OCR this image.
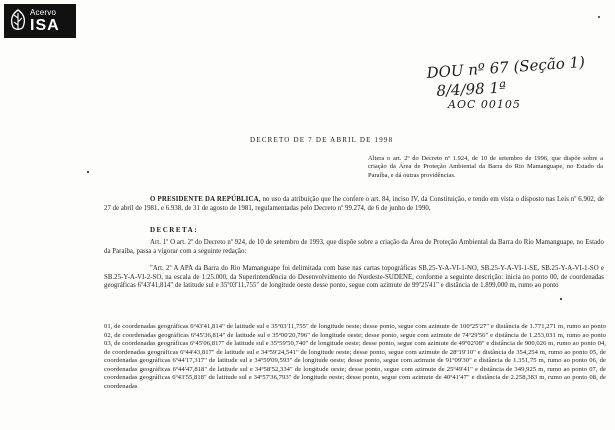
Acervo
ISA
DOU nº 67 (Seção 1)
8/4/98 1ª
AOC 00105
DECRETO DE 7 DE ABRIL DE 1998
Altera o art. 2º do Decreto nº 1.924, de 10 de setembro de 1996, que dispõe sobre a criação da Área de Proteção Ambiental da Barra do Rio Mamanguape, no Estado da Paraíba, e dá outras providências.
O PRESIDENTE DA REPÚBLICA, no uso da atribuição que lhe confere o art. 84, inciso IV, da Constituição, e tendo em vista o disposto nas Leis nº 6.902, de 27 de abril de 1981, e 6.938, de 31 de agosto de 1981, regulamentadas pelo Decreto nº 99.274, de 6 de junho de 1990,
DECRETA:
Art. 1º O art. 2º do Decreto nº 924, de 10 de setembro de 1993, que dispõe sobre a criação da Área de Proteção Ambiental da Barra do Rio Mamanguape, no Estado da Paraíba, passa a vigorar com a seguinte redação:
"Art. 2º A APA da Barra do Rio Mamanguape foi delimitada com base nas cartas topográficas SB.25-Y-A-VI-1-NO, SB.25-Y-A-VI-1-SE, SB.25-Y-A-VI-1-SO e SB.25-Y-A-VI-2-SO, na escala de 1:25.000, da Superintendência do Desenvolvimento do Nordeste-SUDENE, conforme a seguinte descrição: inicia no ponto 00, de coordenadas geográficas 6º43'41,814" de latitude sul e 35º03'11,755" de longitude oeste desse ponto, segue com azimute de 99º25'41" e distância de 1.899,000 m, rumo ao ponto
01, de coordenadas geográficas 6º43'41,814" de latitude sul e 35º03'11,755" de longitude oeste; desse ponto, segue com azimute de 100º25'27" e distância de 1.771,271 m, rumo ao ponto 02, de coordenadas geográficas 6º45'36,814" de latitude sul e 35º00'20,796" de longitude oeste; desse ponto, segue com azimute de 74º29'56" e distância de 1.253,031 m, rumo ao ponto 03, de coordenadas geográficas 6º45'06,817" de latitude sul e 35º59'50,740" de longitude oeste; desse ponto, segue com azimute de 49º02'08" e distância de 900,026 m, rumo ao ponto 04, de coordenadas geográficas 6º44'43,817" de latitude sul e 34º59'24,541" de longitude oeste; desse ponto, segue com azimute de 28º19'10" e distância de 354,254 m, rumo ao ponto 05, de coordenadas geográficas 6º44'17,317" de latitude sul e 34º59'09,593" de longitude oeste; desse ponto, segue com azimute de 91º09'30" e distância de 1.351,75 m, rumo ao ponto 06, de coordenadas geográficas 6º44'47,818" de latitude sul e 34º58'52,334" de longitude oeste; desse ponto, segue com azimute de 25º49'41" e distância de 349,925 m, rumo ao ponto 07, de coordenadas geográficas 6º43'55,818" de latitude sul e 34º57'36,793" de longitude oeste; desse ponto, segue com azimute de 40º41'47" e distância de 2.258,383 m, rumo ao ponto 08, de coordenadas
